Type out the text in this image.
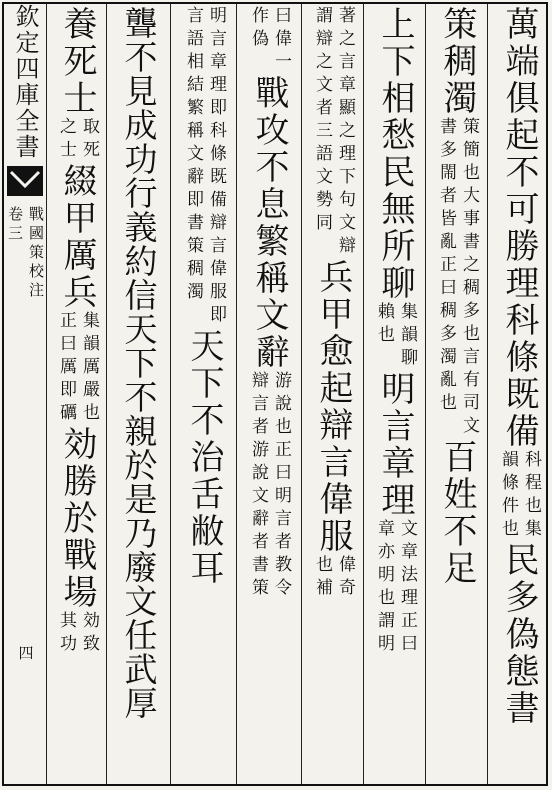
欽定四庫全書
戰國策校注
卷三
四
萬端俱起不可勝理科條既備
科程也集
韻條件也
民多偽態書
策稠濁
策簡也大事書之稠多也言有司文
書多閙者皆亂正曰稠多濁亂也
百姓不足
上下相愁民無所聊
集韻聊
賴也
明言章理
文章法理正曰
章亦明也謂明
著之言章顯之理下句文辯
謂辯之文者三語文勢同
兵甲愈起辯言偉服
偉奇
也補
曰偉一
作偽
戰攻不息繁稱文辭
游說也正曰明言者教令
辯言者游說文辭者書策
明言章理即科條既備辯言偉服即
言語相結繁稱文辭即書策稠濁
天下不治舌敝耳
聾不見成功行義約信天下不親於是乃廢文任武厚
養死士
取死
之士
綴甲厲兵
集韻厲嚴也
正曰厲即礪
効勝於戰場
効致
其功
